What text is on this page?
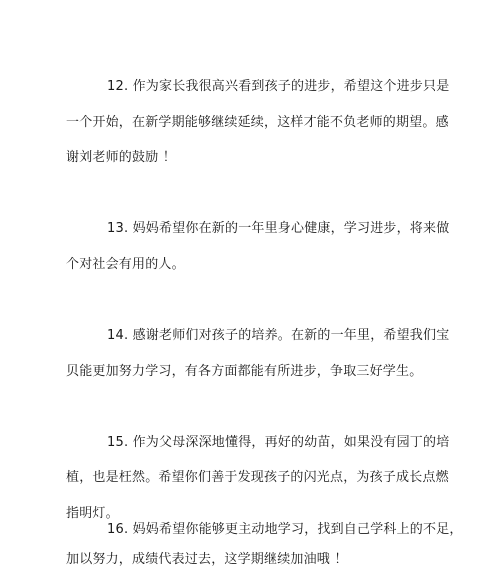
12. 作为家长我很高兴看到孩子的进步，希望这个进步只是
一个开始，在新学期能够继续延续，这样才能不负老师的期望。感
谢刘老师的鼓励 ！
13. 妈妈希望你在新的一年里身心健康，学习进步，将来做
个对社会有用的人。
14. 感谢老师们对孩子的培养。在新的一年里，希望我们宝
贝能更加努力学习，有各方面都能有所进步，争取三好学生。
15. 作为父母深深地懂得，再好的幼苗，如果没有园丁的培
植，也是枉然。希望你们善于发现孩子的闪光点，为孩子成长点燃
指明灯。
16. 妈妈希望你能够更主动地学习，找到自己学科上的不足，
加以努力，成绩代表过去，这学期继续加油哦 ！
